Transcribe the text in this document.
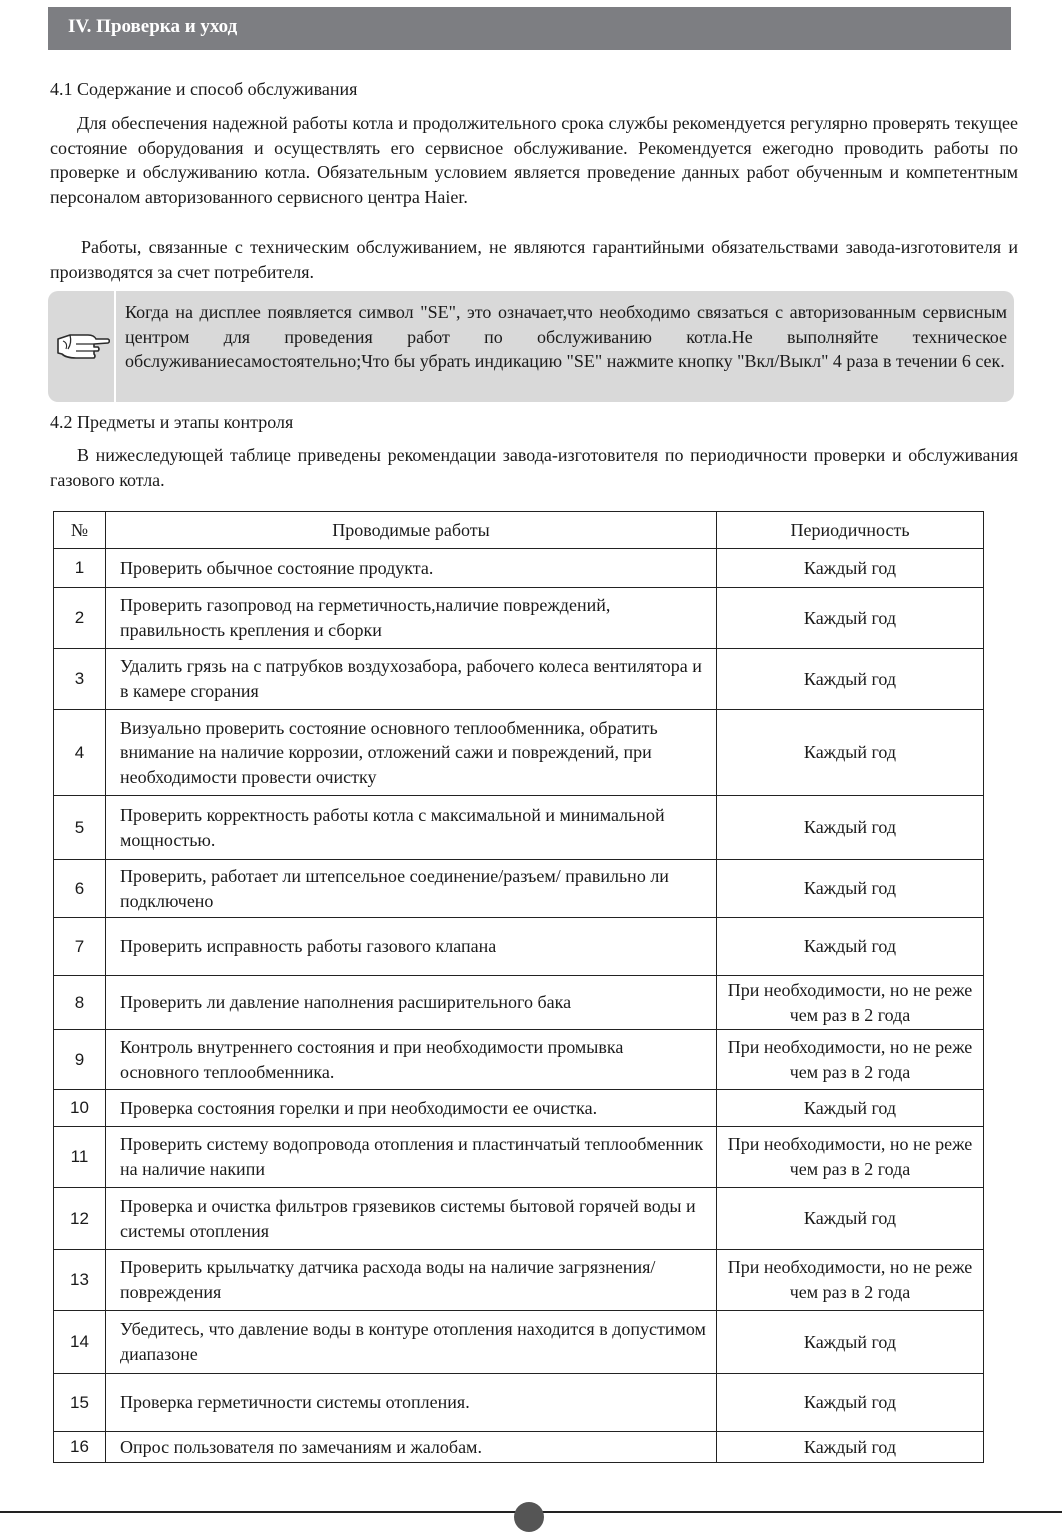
IV. Проверка и уход
4.1 Содержание и способ обслуживания

Для обеспечения надежной работы котла и продолжительного срока службы рекомендуется регулярно проверять текущее состояние оборудования и осуществлять его сервисное обслуживание. Рекомендуется ежегодно проводить работы по проверке и обслуживанию котла. Обязательным условием является проведение данных работ обученным и компетентным персоналом авторизованного сервисного центра Haier.

Работы, связанные с техническим обслуживанием, не являются гарантийными обязательствами завода-изготовителя и производятся за счет потребителя.

Когда на дисплее появляется символ "SE", это означает,что необходимо связаться с авторизованным сервисным центром для проведения работ по обслуживанию котла.Не выполняйте техническое обслуживаниесамостоятельно;Что бы убрать индикацию "SE" нажмите кнопку "Вкл/Выкл" 4 раза в течении 6 сек.

4.2 Предметы и этапы контроля

В нижеследующей таблице приведены рекомендации завода-изготовителя по периодичности проверки и обслуживания газового котла.

№	Проводимые работы	Периодичность
1	Проверить обычное состояние продукта.	Каждый год
2	Проверить газопровод на герметичность,наличие повреждений, правильность крепления и сборки	Каждый год
3	Удалить грязь на с патрубков воздухозабора, рабочего колеса вентилятора и в камере сгорания	Каждый год
4	Визуально проверить состояние основного теплообменника, обратить внимание на наличие коррозии, отложений сажи и повреждений, при необходимости провести очистку	Каждый год
5	Проверить корректность работы котла с максимальной и минимальной мощностью.	Каждый год
6	Проверить, работает ли штепсельное соединение/разъем/ правильно ли подключено	Каждый год
7	Проверить исправность работы газового клапана	Каждый год
8	Проверить ли давление наполнения расширительного бака	При необходимости, но не реже чем раз в 2 года
9	Контроль внутреннего состояния и при необходимости промывка основного теплообменника.	При необходимости, но не реже чем раз в 2 года
10	Проверка состояния горелки и при необходимости ее очистка.	Каждый год
11	Проверить систему водопровода отопления и пластинчатый теплообменник на наличие накипи	При необходимости, но не реже чем раз в 2 года
12	Проверка и очистка фильтров грязевиков системы бытовой горячей воды и системы отопления	Каждый год
13	Проверить крыльчатку датчика расхода воды на наличие загрязнения/повреждения	При необходимости, но не реже чем раз в 2 года
14	Убедитесь, что давление воды в контуре отопления находится в допустимом диапазоне	Каждый год
15	Проверка герметичности системы отопления.	Каждый год
16	Опрос пользователя по замечаниям и жалобам.	Каждый год
